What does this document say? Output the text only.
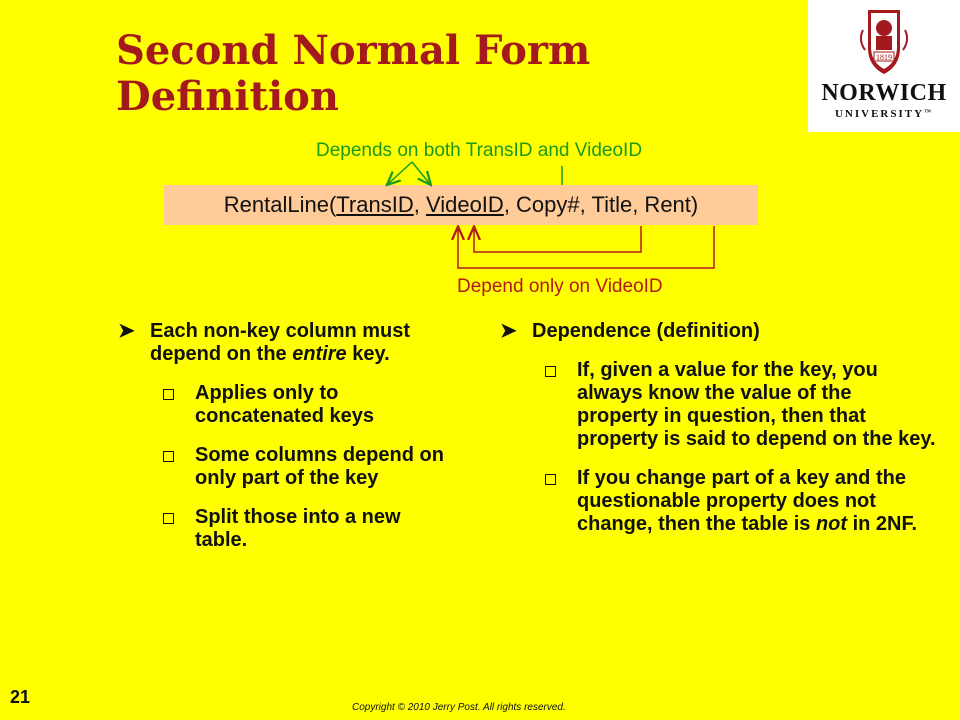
Second Normal Form
Definition
1819
NORWICH
UNIVERSITY™
Depends on both TransID and VideoID
RentalLine(TransID, VideoID, Copy#, Title, Rent)
Depend only on VideoID
➤ Each non-key column must depend on the entire key.
Applies only to concatenated keys
Some columns depend on only part of the key
Split those into a new table.
➤ Dependence (definition)
If, given a value for the key, you always know the value of the property in question, then that property is said to depend on the key.
If you change part of a key and the questionable property does not change, then the table is not in 2NF.
21
Copyright © 2010 Jerry Post. All rights reserved.
